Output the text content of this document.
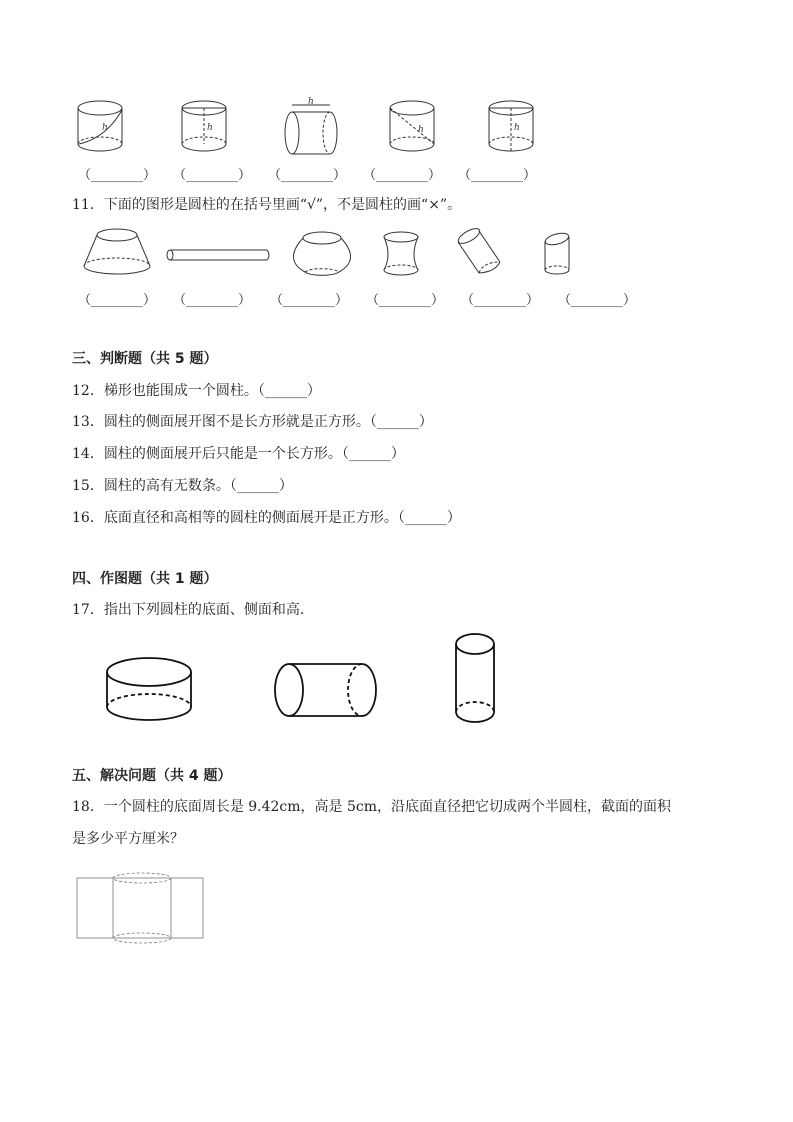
h	h
h
h	h
（________） （________） （________） （________） （________）
11．下面的图形是圆柱的在括号里画“√”，不是圆柱的画“×”。
（________） （________） （________） （________） （________） （________）
三、判断题（共 5 题）
12．梯形也能围成一个圆柱。（______）
13．圆柱的侧面展开图不是长方形就是正方形。（______）
14．圆柱的侧面展开后只能是一个长方形。（______）
15．圆柱的高有无数条。（______）
16．底面直径和高相等的圆柱的侧面展开是正方形。（______）
四、作图题（共 1 题）
17．指出下列圆柱的底面、侧面和高.
五、解决问题（共 4 题）
18．一个圆柱的底面周长是 9.42cm，高是 5cm，沿底面直径把它切成两个半圆柱，截面的面积
是多少平方厘米？
